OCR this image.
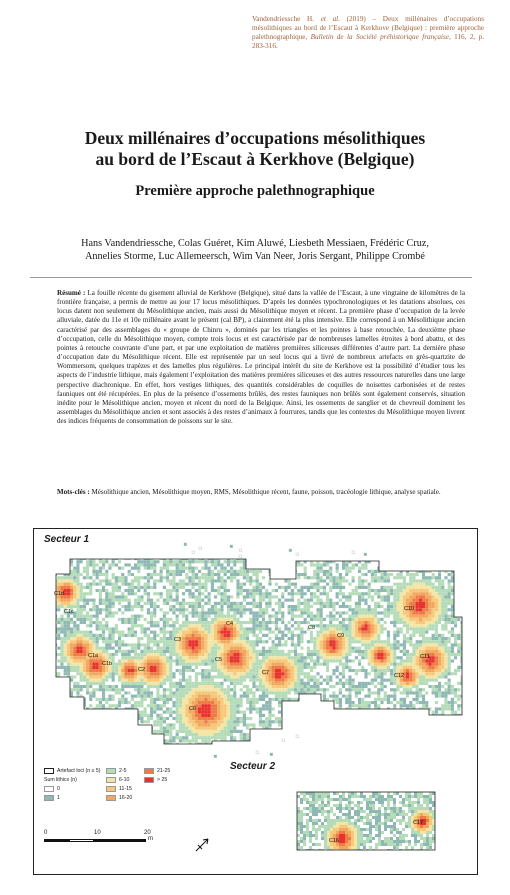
Vandendriessche H. et al. (2019) – Deux millénaires d’occupations mésolithiques au bord de l’Escaut à Kerkhove (Belgique) : première approche palethnographique, Bulletin de la Société préhistorique française, 116, 2, p. 283-316.
Deux millénaires d’occupations mésolithiques
au bord de l’Escaut à Kerkhove (Belgique)
Première approche palethnographique
Hans Vandendriessche, Colas Guéret, Kim Aluwé, Liesbeth Messiaen, Frédéric Cruz,
Annelies Storme, Luc Allemeersch, Wim Van Neer, Joris Sergant, Philippe Crombé
Résumé : La fouille récente du gisement alluvial de Kerkhove (Belgique), situé dans la vallée de l’Escaut, à une vingtaine de kilomètres de la frontière française, a permis de mettre au jour 17 locus mésolithiques. D’après les données typochronologiques et les datations absolues, ces locus datent non seulement du Mésolithique ancien, mais aussi du Mésolithique moyen et récent. La première phase d’occupation de la levée alluviale, datée du 11e et 10e millénaire avant le présent (cal BP), a clairement été la plus intensive. Elle correspond à un Mésolithique ancien caractérisé par des assemblages du « groupe de Chinru », dominés par les triangles et les pointes à base retouchée. La deuxième phase d’occupation, celle du Mésolithique moyen, compte trois locus et est caractérisée par de nombreuses lamelles étroites à bord abattu, et des pointes à retouche couvrante d’une part, et par une exploitation de matières premières siliceuses différentes d’autre part. La dernière phase d’occupation date du Mésolithique récent. Elle est représentée par un seul locus qui a livré de nombreux artefacts en grès-quartzite de Wommersom, quelques trapèzes et des lamelles plus régulières. Le principal intérêt du site de Kerkhove est la possibilité d’étudier tous les aspects de l’industrie lithique, mais également l’exploitation des matières premières siliceuses et des autres ressources naturelles dans une large perspective diachronique. En effet, hors vestiges lithiques, des quantités considérables de coquilles de noisettes carbonisées et de restes fauniques ont été récupérées. En plus de la présence d’ossements brûlés, des restes fauniques non brûlés sont également conservés, situation inédite pour le Mésolithique ancien, moyen et récent du nord de la Belgique. Ainsi, les ossements de sanglier et de chevreuil dominent les assemblages du Mésolithique ancien et sont associés à des restes d’animaux à fourrures, tandis que les contextes du Mésolithique moyen livrent des indices fréquents de consommation de poissons sur le site.
Mots-clés : Mésolithique ancien, Mésolithique moyen, RMS, Mésolithique récent, faune, poisson, tracéologie lithique, analyse spatiale.
Secteur 1
C1a
C1b
C1c
C1d
C2
C3
C4
C5
C6
C7
C8
C9
C10
C11
C12
Secteur 2
C16
C17
Artefact loci (n ≥ 5)
Sum lithics (n)
0
1
2-5
6-10
11-15
16-20
21-25
> 25
0	10	20
m
